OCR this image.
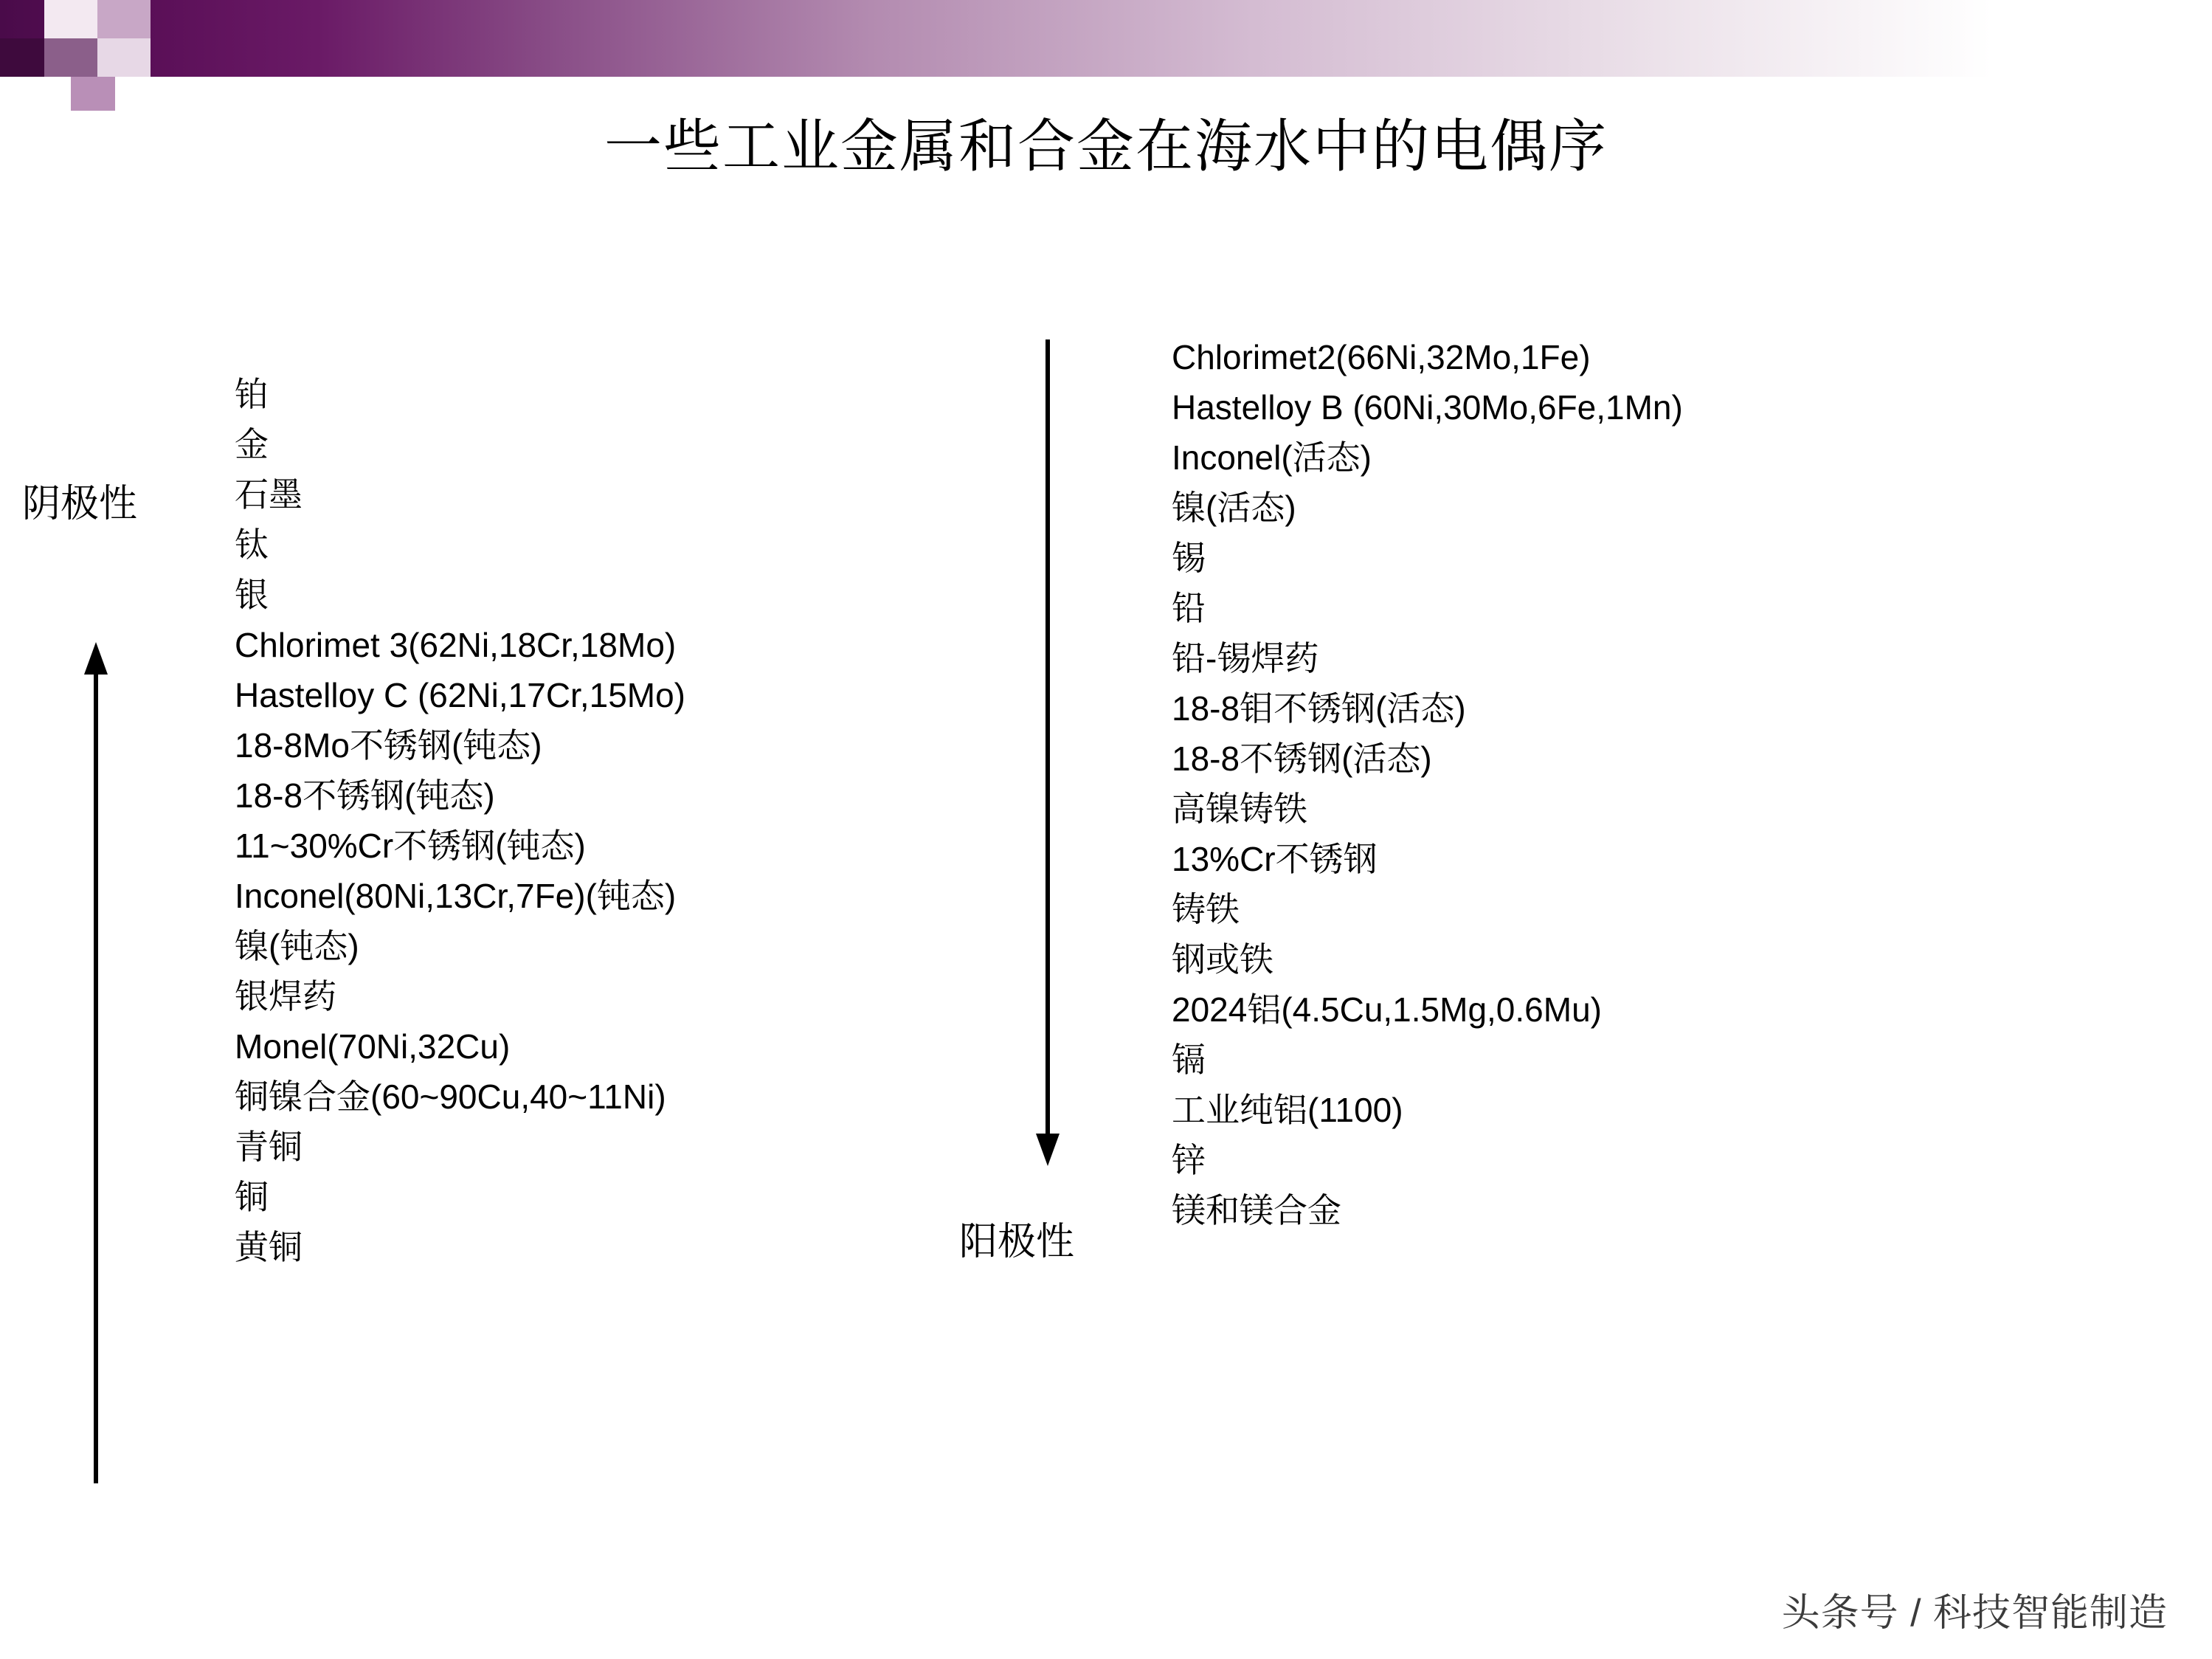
一些工业金属和合金在海水中的电偶序
阴极性
铂
金
石墨
钛
银
Chlorimet 3(62Ni,18Cr,18Mo)
Hastelloy C (62Ni,17Cr,15Mo)
18-8Mo不锈钢(钝态)
18-8不锈钢(钝态)
11~30%Cr不锈钢(钝态)
Inconel(80Ni,13Cr,7Fe)(钝态)
镍(钝态)
银焊药
Monel(70Ni,32Cu)
铜镍合金(60~90Cu,40~11Ni)
青铜
铜
黄铜	阳极性
Chlorimet2(66Ni,32Mo,1Fe)
Hastelloy B (60Ni,30Mo,6Fe,1Mn)
Inconel(活态)
镍(活态)
锡
铅
铅-锡焊药
18-8钼不锈钢(活态)
18-8不锈钢(活态)
高镍铸铁
13%Cr不锈钢
铸铁
钢或铁
2024铝(4.5Cu,1.5Mg,0.6Mu)
镉
工业纯铝(1100)
锌
镁和镁合金
头条号 / 科技智能制造
